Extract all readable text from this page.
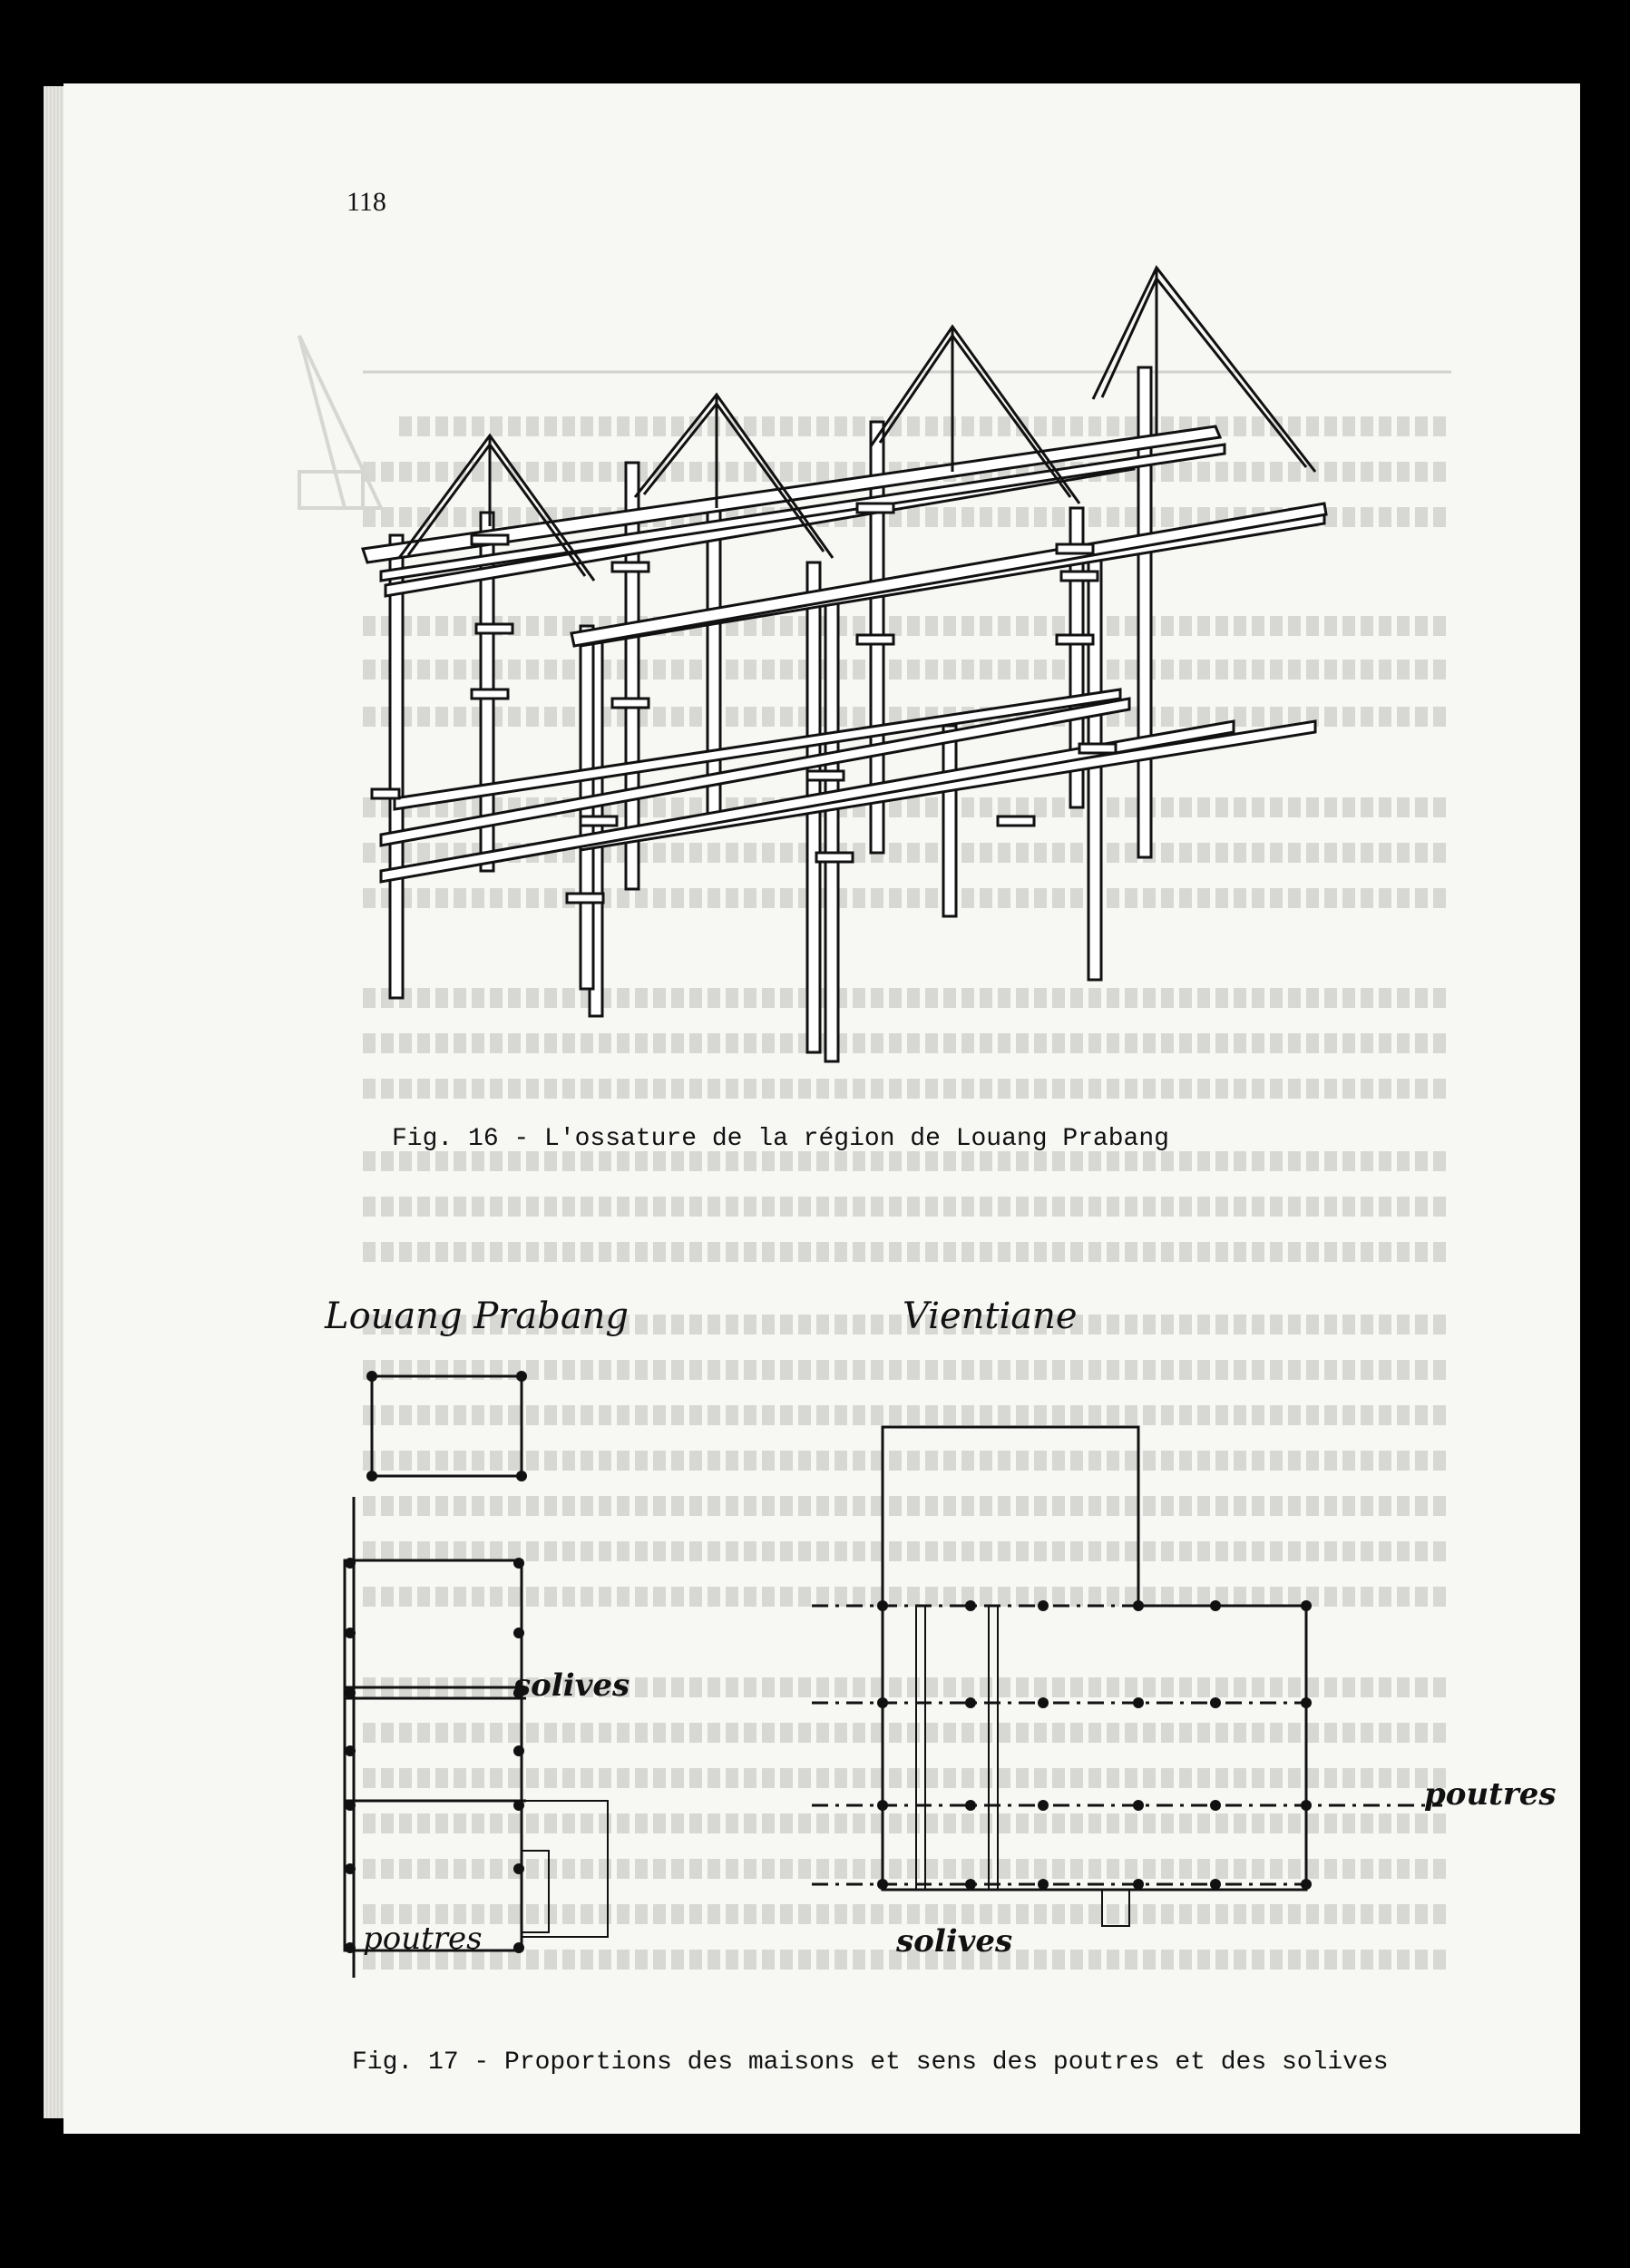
118
Fig. 16 - L'ossature de la région de Louang Prabang
Louang Prabang	Vientiane
solives
poutres
poutres	solives
Fig. 17 - Proportions des maisons et sens des poutres et des solives
